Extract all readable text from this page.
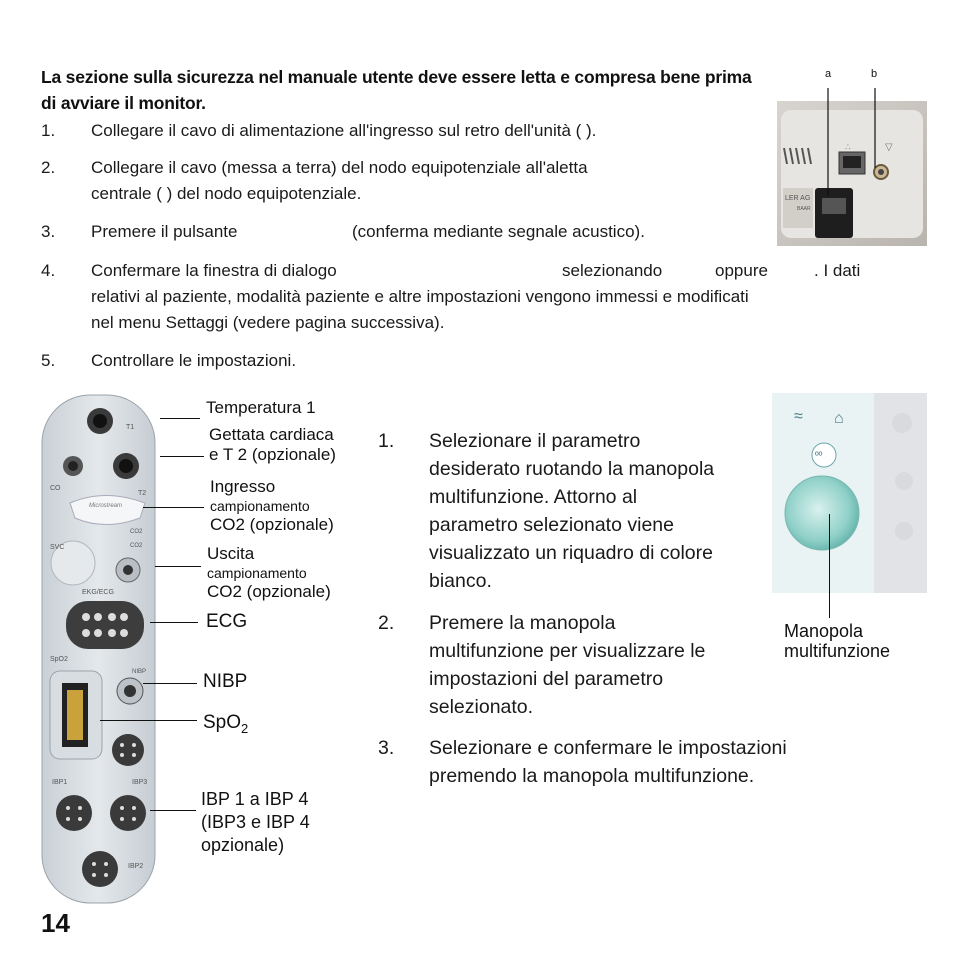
La sezione sulla sicurezza nel manuale utente deve essere letta e compresa bene prima di avviare il monitor.
1. Collegare il cavo di alimentazione all'ingresso sul retro dell'unità ( ).
2. Collegare il cavo (messa a terra) del nodo equipotenziale all'aletta
centrale ( ) del nodo equipotenziale.
3. Premere il pulsante	(conferma mediante segnale acustico).
4. Confermare la finestra di dialogo	selezionando	oppure	. I dati
relativi al paziente, modalità paziente e altre impostazioni vengono immessi e modificati
nel menu Settaggi (vedere pagina successiva).
5. Controllare le impostazioni.
a	b
LER AG
BAAR
∴	▽
T1
CO
T2
Microstream
CO2
CO2
SVC
EKG/ECG
SpO2
NIBP
IBP1	IBP3
IBP2
Temperatura 1
Gettata cardiaca
e T 2 (opzionale)
Ingresso
campionamento
CO2 (opzionale)
Uscita
campionamento
CO2 (opzionale)
ECG
NIBP
SpO$_2$
IBP 1 a IBP 4
(IBP3 e IBP 4
opzionale)
1. Selezionare il parametro
desiderato ruotando la manopola
multifunzione. Attorno al
parametro selezionato viene
visualizzato un riquadro di colore
bianco.
2. Premere la manopola
multifunzione per visualizzare le
impostazioni del parametro
selezionato.
3. Selezionare e confermare le impostazioni
premendo la manopola multifunzione.
≈ ⌂
ºº
Manopola
multifunzione
14
